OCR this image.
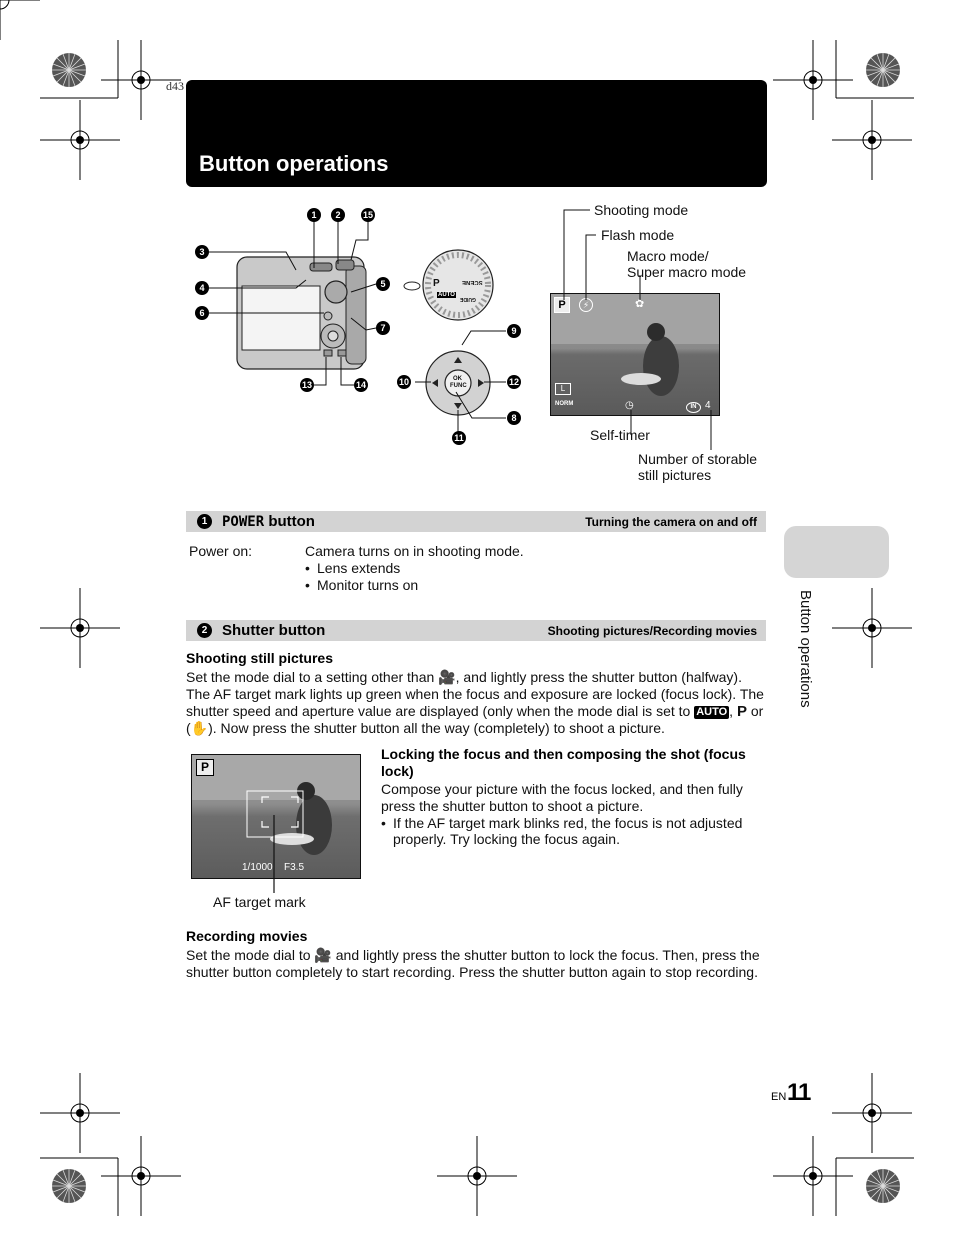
d43
Button operations
P
AUTO
SCENE
GUIDE
OK
FUNC
1	2	15
3
4	5
6
7	9
10	12
8
11
13	14
P	⚡	✿
L
NORM	◷	IN 4
Shooting mode
Flash mode
Macro mode/
Super macro mode
Self-timer
Number of storable
still pictures
1	POWER button	Turning the camera on and off
Power on:	Camera turns on in shooting mode.
• Lens extends
• Monitor turns on
2 Shutter button	Shooting pictures/Recording movies
Shooting still pictures
Set the mode dial to a setting other than 🎥, and lightly press the shutter button (halfway). The AF target mark lights up green when the focus and exposure are locked (focus lock). The shutter speed and aperture value are displayed (only when the mode dial is set to AUTO , P or (✋). Now press the shutter button all the way (completely) to shoot a picture.
P
1/1000 F3.5
AF target mark
Locking the focus and then composing the shot (focus lock)
Compose your picture with the focus locked, and then fully press the shutter button to shoot a picture.
• If the AF target mark blinks red, the focus is not adjusted properly. Try locking the focus again.
Recording movies
Set the mode dial to 🎥 and lightly press the shutter button to lock the focus. Then, press the shutter button completely to start recording. Press the shutter button again to stop recording.
Button operations
EN 11
